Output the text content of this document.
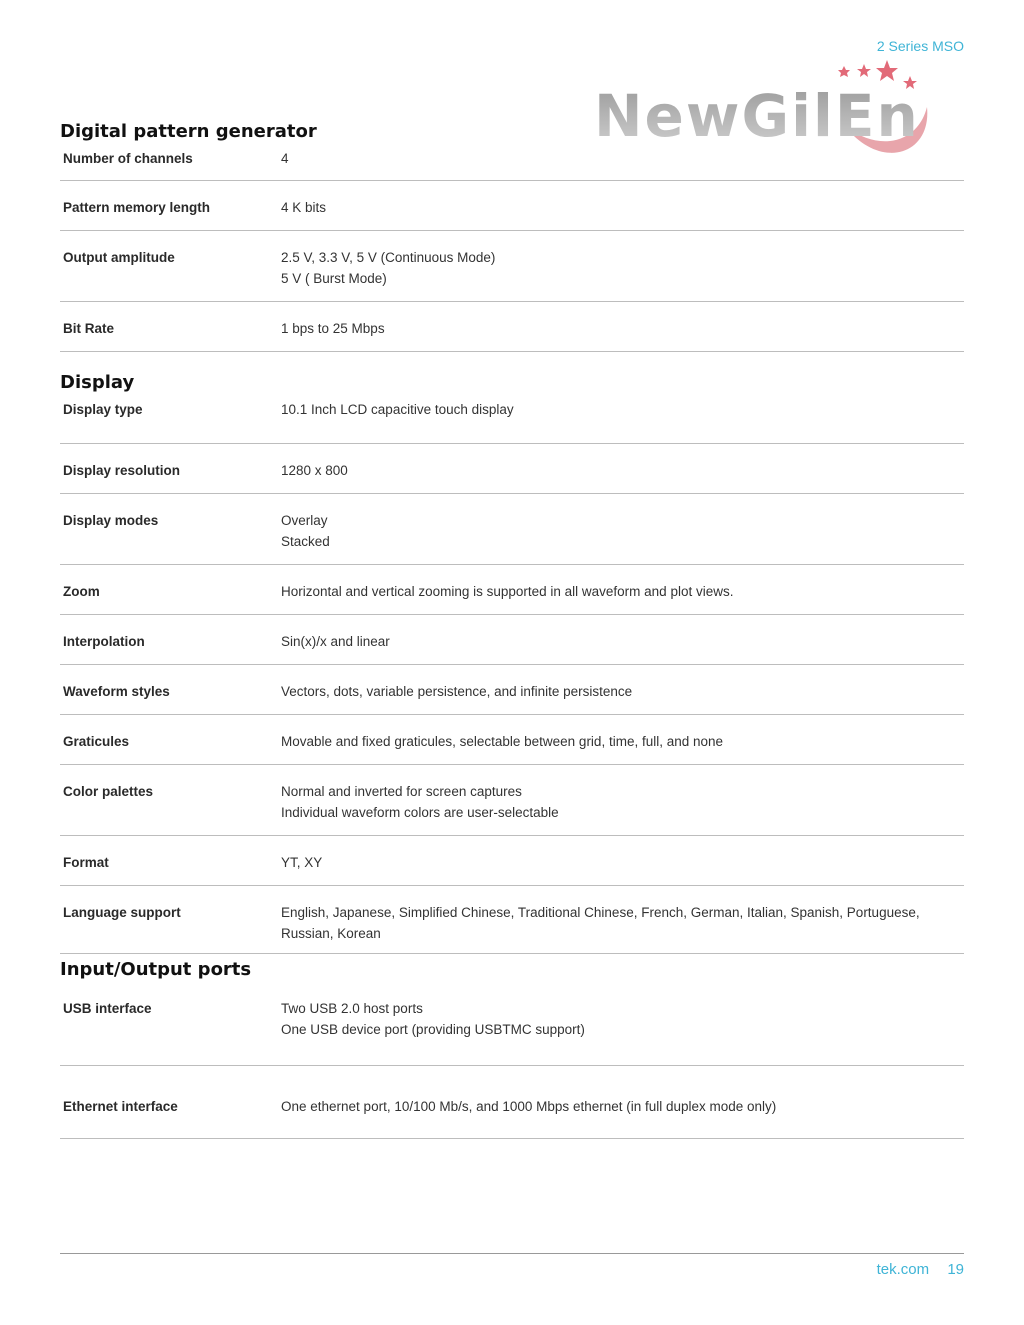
2 Series MSO
NewGilEn
Digital pattern generator
Number of channels	4
Pattern memory length	4 K bits
Output amplitude	2.5 V, 3.3 V, 5 V (Continuous Mode)
5 V ( Burst Mode)
Bit Rate	1 bps to 25 Mbps
Display
Display type	10.1 Inch LCD capacitive touch display
Display resolution	1280 x 800
Display modes	Overlay
Stacked
Zoom	Horizontal and vertical zooming is supported in all waveform and plot views.
Interpolation	Sin(x)/x and linear
Waveform styles	Vectors, dots, variable persistence, and infinite persistence
Graticules	Movable and fixed graticules, selectable between grid, time, full, and none
Color palettes	Normal and inverted for screen captures
Individual waveform colors are user-selectable
Format	YT, XY
Language support	English, Japanese, Simplified Chinese, Traditional Chinese, French, German, Italian, Spanish, Portuguese, Russian, Korean
Input/Output ports
USB interface	Two USB 2.0 host ports
One USB device port (providing USBTMC support)
Ethernet interface	One ethernet port, 10/100 Mb/s, and 1000 Mbps ethernet (in full duplex mode only)
tek.com 19
